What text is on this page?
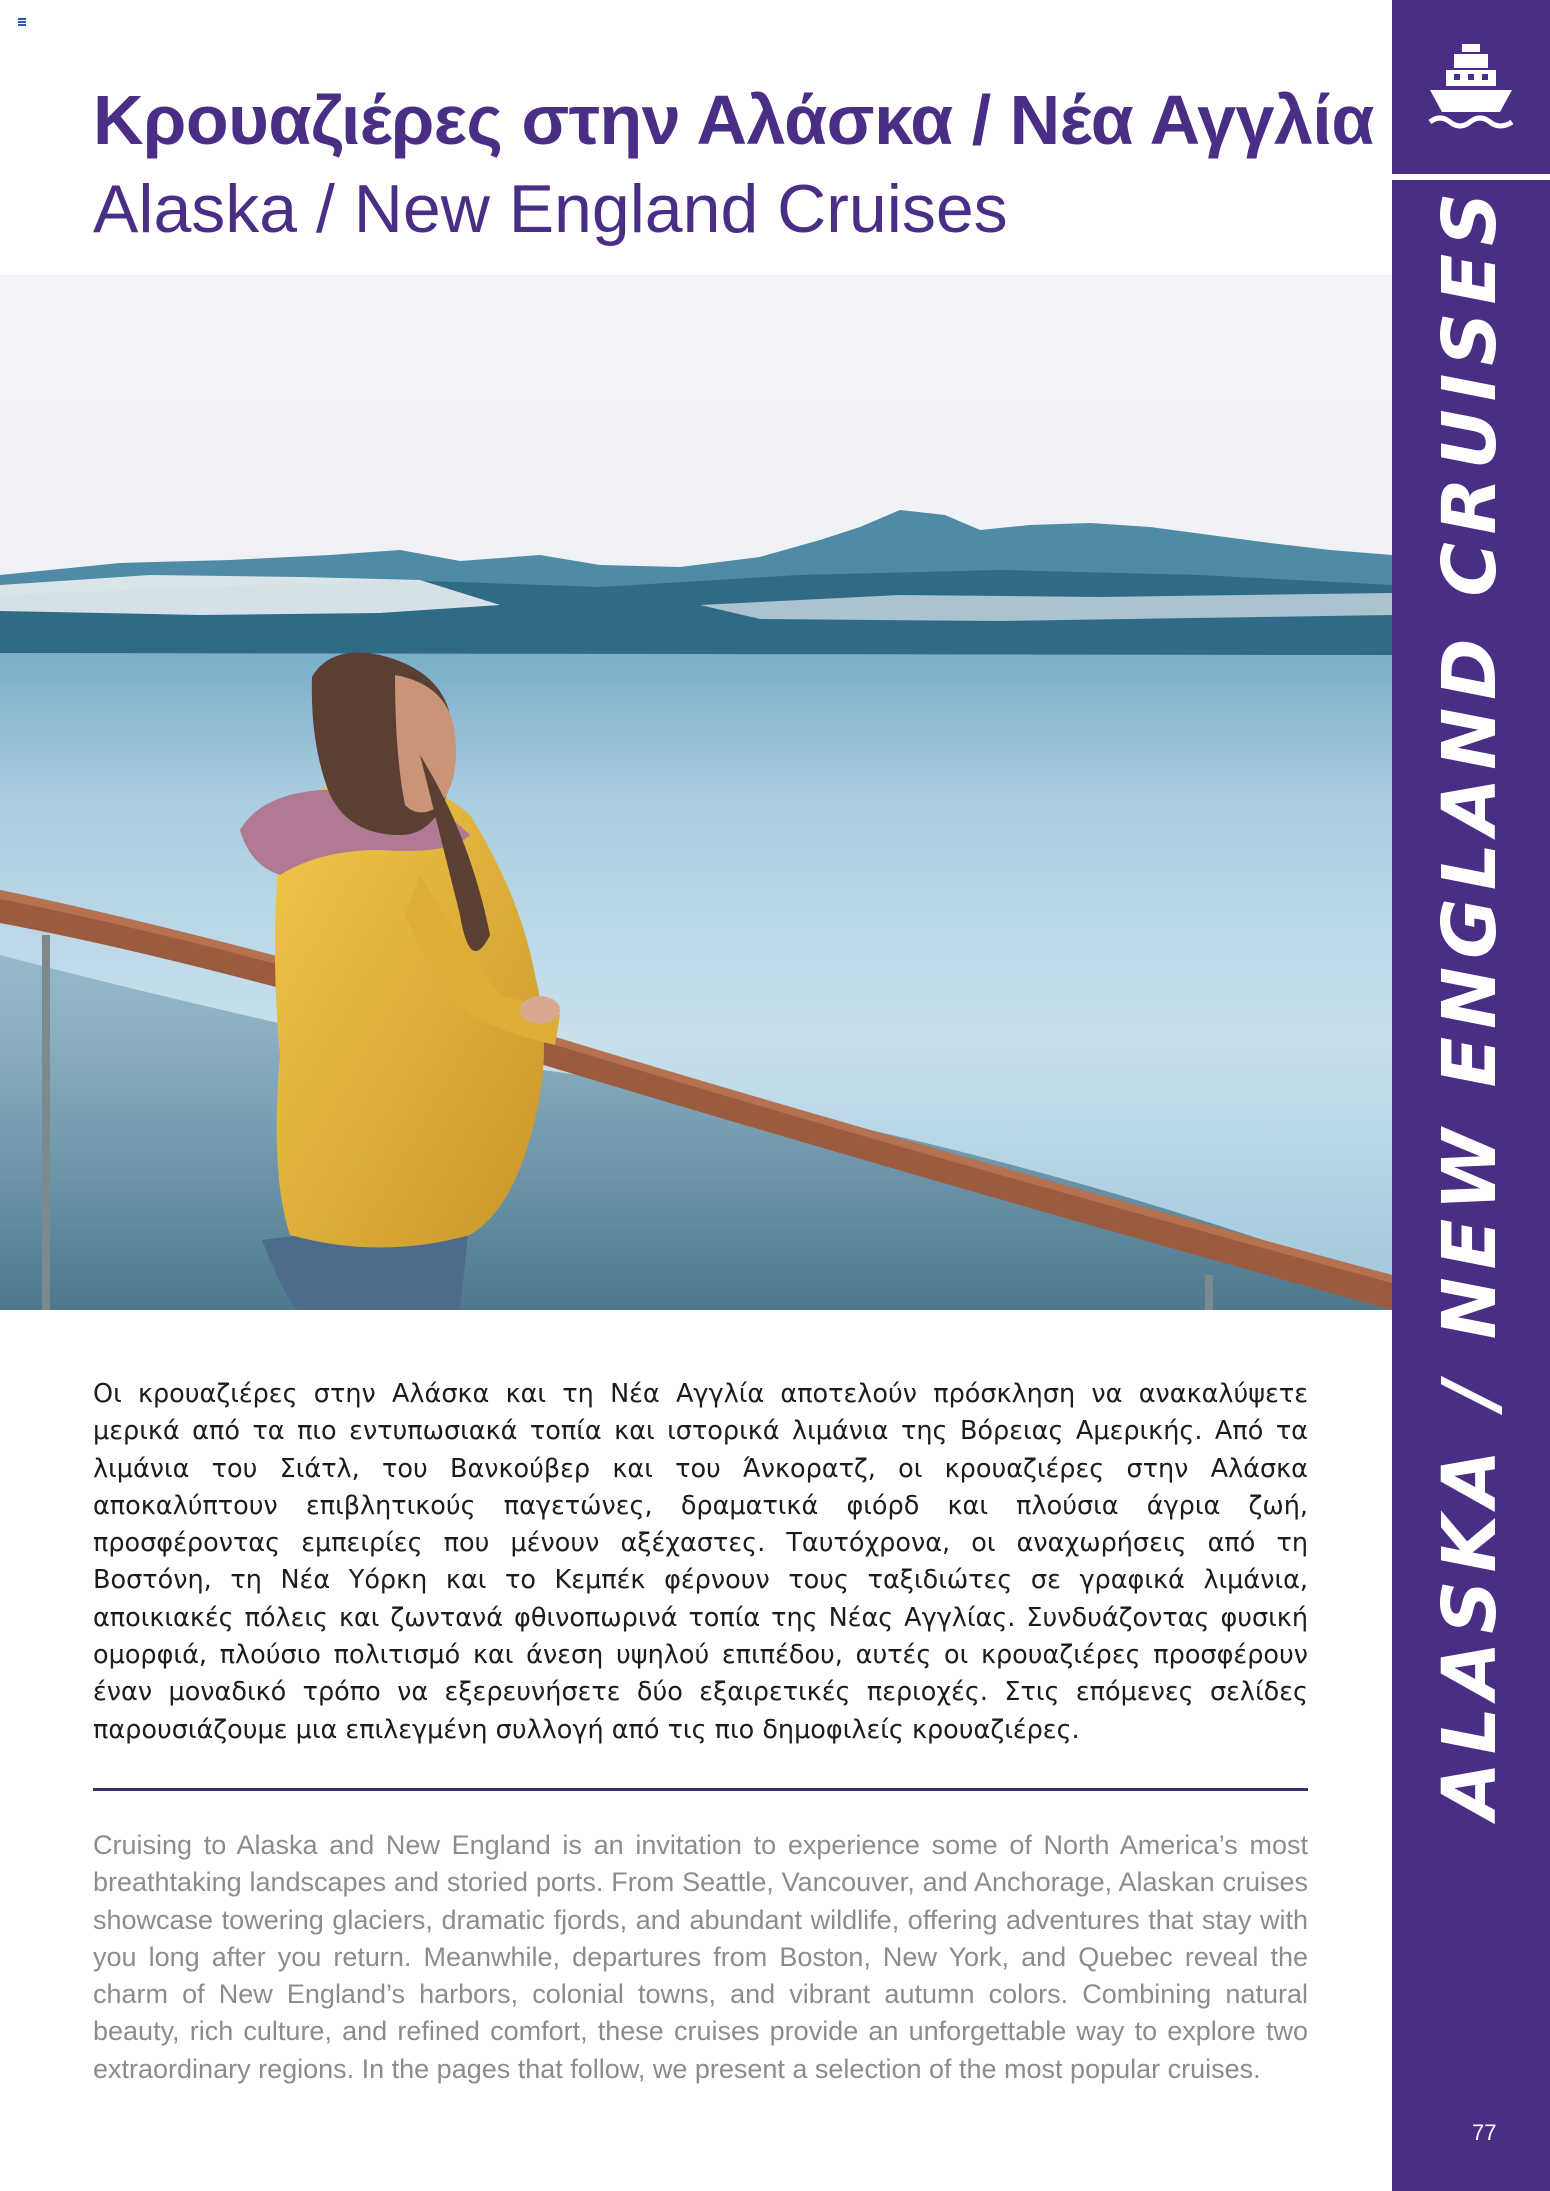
Κρουαζιέρες στην Αλάσκα / Νέα Αγγλία
Alaska / New England Cruises

Οι κρουαζιέρες στην Αλάσκα και τη Νέα Αγγλία αποτελούν πρόσκληση να ανακαλύψετε μερικά από τα πιο εντυπωσιακά τοπία και ιστορικά λιμάνια της Βόρειας Αμερικής. Από τα λιμάνια του Σιάτλ, του Βανκούβερ και του Άνκορατζ, οι κρουαζιέρες στην Αλάσκα αποκαλύπτουν επιβλητικούς παγετώνες, δραματικά φιόρδ και πλούσια άγρια ζωή, προσφέροντας εμπειρίες που μένουν αξέχαστες. Ταυτόχρονα, οι αναχωρήσεις από τη Βοστόνη, τη Νέα Υόρκη και το Κεμπέκ φέρνουν τους ταξιδιώτες σε γραφικά λιμάνια, αποικιακές πόλεις και ζωντανά φθινοπωρινά τοπία της Νέας Αγγλίας. Συνδυάζοντας φυσική ομορφιά, πλούσιο πολιτισμό και άνεση υψηλού επιπέδου, αυτές οι κρουαζιέρες προσφέρουν έναν μοναδικό τρόπο να εξερευνήσετε δύο εξαιρετικές περιοχές. Στις επόμενες σελίδες παρουσιάζουμε μια επιλεγμένη συλλογή από τις πιο δημοφιλείς κρουαζιέρες.

Cruising to Alaska and New England is an invitation to experience some of North America’s most breathtaking landscapes and storied ports. From Seattle, Vancouver, and Anchorage, Alaskan cruises showcase towering glaciers, dramatic fjords, and abundant wildlife, offering adventures that stay with you long after you return. Meanwhile, departures from Boston, New York, and Quebec reveal the charm of New England’s harbors, colonial towns, and vibrant autumn colors. Combining natural beauty, rich culture, and refined comfort, these cruises provide an unforgettable way to explore two extraordinary regions. In the pages that follow, we present a selection of the most popular cruises.

ALASKA / NEW ENGLAND CRUISES
77
